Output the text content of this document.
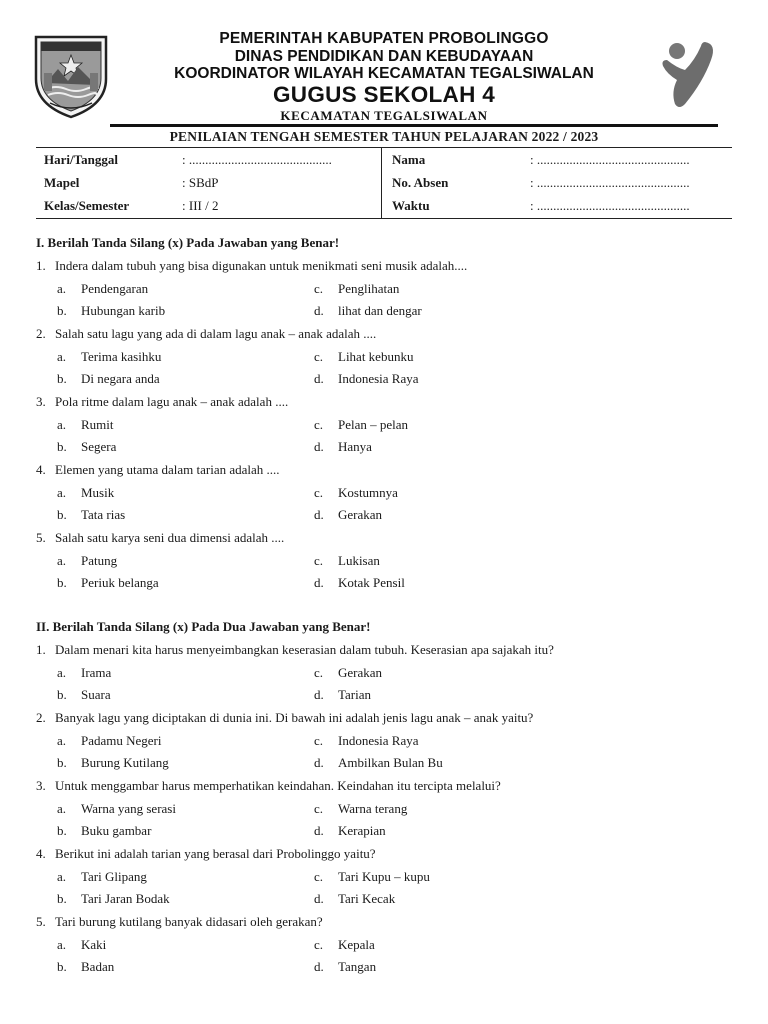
PEMERINTAH KABUPATEN PROBOLINGGO
DINAS PENDIDIKAN DAN KEBUDAYAAN
KOORDINATOR WILAYAH KECAMATAN TEGALSIWALAN
GUGUS SEKOLAH 4
KECAMATAN TEGALSIWALAN
PENILAIAN TENGAH SEMESTER TAHUN PELAJARAN 2022 / 2023
Hari/Tanggal	: ............................................
Mapel	: SBdP
Kelas/Semester	: III / 2
Nama	: ...............................................
No. Absen	: ...............................................
Waktu	: ...............................................
I. Berilah Tanda Silang (x) Pada Jawaban yang Benar!
1. Indera dalam tubuh yang bisa digunakan untuk menikmati seni musik adalah....
a. Pendengaran	c. Penglihatan
b. Hubungan karib	d. lihat dan dengar
2. Salah satu lagu yang ada di dalam lagu anak – anak adalah ....
a. Terima kasihku	c. Lihat kebunku
b. Di negara anda	d. Indonesia Raya
3. Pola ritme dalam lagu anak – anak adalah ....
a. Rumit	c. Pelan – pelan
b. Segera	d. Hanya
4. Elemen yang utama dalam tarian adalah ....
a. Musik	c. Kostumnya
b. Tata rias	d. Gerakan
5. Salah satu karya seni dua dimensi adalah ....
a. Patung	c. Lukisan
b. Periuk belanga	d. Kotak Pensil
II. Berilah Tanda Silang (x) Pada Dua Jawaban yang Benar!
1. Dalam menari kita harus menyeimbangkan keserasian dalam tubuh. Keserasian apa sajakah itu?
a. Irama	c. Gerakan
b. Suara	d. Tarian
2. Banyak lagu yang diciptakan di dunia ini. Di bawah ini adalah jenis lagu anak – anak yaitu?
a. Padamu Negeri	c. Indonesia Raya
b. Burung Kutilang	d. Ambilkan Bulan Bu
3. Untuk menggambar harus memperhatikan keindahan. Keindahan itu tercipta melalui?
a. Warna yang serasi	c. Warna terang
b. Buku gambar	d. Kerapian
4. Berikut ini adalah tarian yang berasal dari Probolinggo yaitu?
a. Tari Glipang	c. Tari Kupu – kupu
b. Tari Jaran Bodak	d. Tari Kecak
5. Tari burung kutilang banyak didasari oleh gerakan?
a. Kaki	c. Kepala
b. Badan	d. Tangan
